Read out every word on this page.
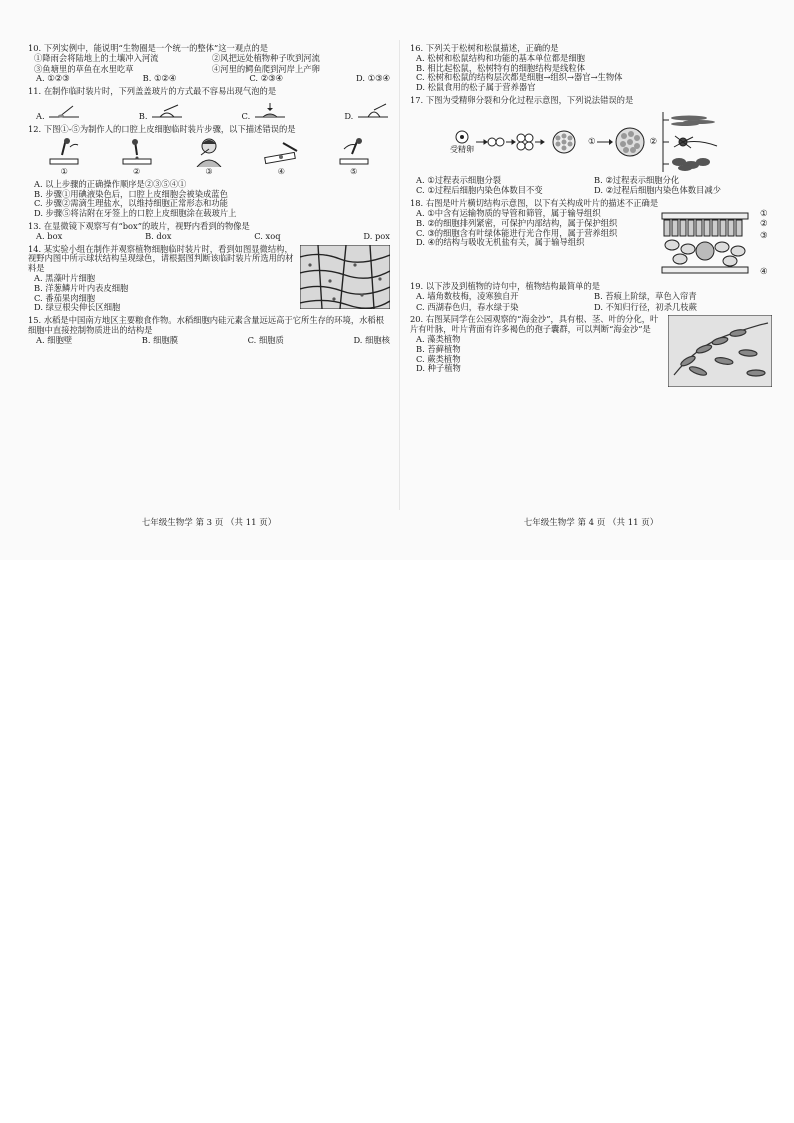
10. 下列实例中，能说明“生物圈是一个统一的整体”这一观点的是
①降雨会将陆地上的土壤冲入河流	②风把远处植物种子吹到河流
③鱼塘里的草鱼在水里吃草	④河里的鳄鱼爬到河岸上产卵
A. ①②③	B. ①②④	C. ②③④	D. ①③④
11. 在制作临时装片时，下列盖盖玻片的方式最不容易出现气泡的是
A.	B.	C.	D.
12. 下图①-⑤为制作人的口腔上皮细胞临时装片步骤，以下描述错误的是
①	②	③	④	⑤
A. 以上步骤的正确操作顺序是②③⑤④①
B. 步骤①用碘液染色后，口腔上皮细胞会被染成蓝色
C. 步骤②需滴生理盐水，以维持细胞正常形态和功能
D. 步骤⑤将沾附在牙签上的口腔上皮细胞涂在载玻片上
13. 在显微镜下观察写有“box”的玻片，视野内看到的物像是
A. box	B. dox	C. xoq	D. pox
14. 某实验小组在制作并观察植物细胞临时装片时，看到如图显微结构，视野内图中所示球状结构呈现绿色，请根据图判断该临时装片所选用的材料是
A. 黑藻叶片细胞
B. 洋葱鳞片叶内表皮细胞
C. 番茄果肉细胞
D. 绿豆根尖伸长区细胞
15. 水稻是中国南方地区主要粮食作物。水稻细胞内硅元素含量远远高于它所生存的环境，水稻根细胞中直接控制物质进出的结构是
A. 细胞壁	B. 细胞膜	C. 细胞质	D. 细胞核
七年级生物学 第 3 页 （共 11 页）
16. 下列关于松树和松鼠描述，正确的是
A. 松树和松鼠结构和功能的基本单位都是细胞
B. 相比起松鼠，松树特有的细胞结构是线粒体
C. 松树和松鼠的结构层次都是细胞→组织→器官→生物体
D. 松鼠食用的松子属于营养器官
17. 下图为受精卵分裂和分化过程示意图，下列说法错误的是
受精卵
①	②
A. ①过程表示细胞分裂	B. ②过程表示细胞分化
C. ①过程后细胞内染色体数目不变	D. ②过程后细胞内染色体数目减少
18. 右图是叶片横切结构示意图，以下有关构成叶片的描述不正确是
A. ①中含有运输物质的导管和筛管，属于输导组织
B. ②的细胞排列紧密，可保护内部结构，属于保护组织
C. ③的细胞含有叶绿体能进行光合作用，属于营养组织
D. ④的结构与吸收无机盐有关，属于输导组织
①
②
③
④
19. 以下涉及到植物的诗句中，植物结构最简单的是
A. 墙角数枝梅，凌寒独自开	B. 苔痕上阶绿，草色入帘青
C. 西湖春色归，春水绿于染	D. 不知归行径，初杀几枝蕨
20. 右图某同学在公园观察的“海金沙”，具有根、茎、叶的分化，叶片有叶脉，叶片背面有许多褐色的孢子囊群，可以判断“海金沙”是
A. 藻类植物
B. 苔藓植物
C. 蕨类植物
D. 种子植物
七年级生物学 第 4 页 （共 11 页）
